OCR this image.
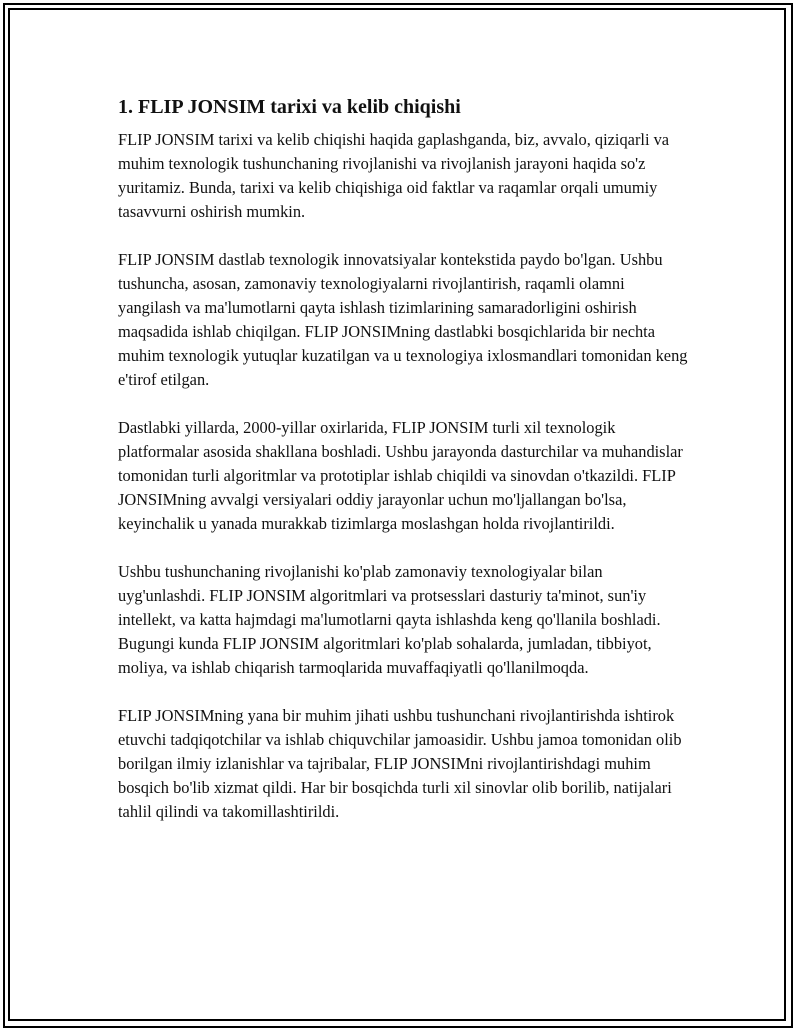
1. FLIP JONSIM tarixi va kelib chiqishi

FLIP JONSIM tarixi va kelib chiqishi haqida gaplashganda, biz, avvalo, qiziqarli va muhim texnologik tushunchaning rivojlanishi va rivojlanish jarayoni haqida so'z yuritamiz. Bunda, tarixi va kelib chiqishiga oid faktlar va raqamlar orqali umumiy tasavvurni oshirish mumkin.

FLIP JONSIM dastlab texnologik innovatsiyalar kontekstida paydo bo'lgan. Ushbu tushuncha, asosan, zamonaviy texnologiyalarni rivojlantirish, raqamli olamni yangilash va ma'lumotlarni qayta ishlash tizimlarining samaradorligini oshirish maqsadida ishlab chiqilgan. FLIP JONSIMning dastlabki bosqichlarida bir nechta muhim texnologik yutuqlar kuzatilgan va u texnologiya ixlosmandlari tomonidan keng e'tirof etilgan.

Dastlabki yillarda, 2000-yillar oxirlarida, FLIP JONSIM turli xil texnologik platformalar asosida shakllana boshladi. Ushbu jarayonda dasturchilar va muhandislar tomonidan turli algoritmlar va prototiplar ishlab chiqildi va sinovdan o'tkazildi. FLIP JONSIMning avvalgi versiyalari oddiy jarayonlar uchun mo'ljallangan bo'lsa, keyinchalik u yanada murakkab tizimlarga moslashgan holda rivojlantirildi.

Ushbu tushunchaning rivojlanishi ko'plab zamonaviy texnologiyalar bilan uyg'unlashdi. FLIP JONSIM algoritmlari va protsesslari dasturiy ta'minot, sun'iy intellekt, va katta hajmdagi ma'lumotlarni qayta ishlashda keng qo'llanila boshladi. Bugungi kunda FLIP JONSIM algoritmlari ko'plab sohalarda, jumladan, tibbiyot, moliya, va ishlab chiqarish tarmoqlarida muvaffaqiyatli qo'llanilmoqda.

FLIP JONSIMning yana bir muhim jihati ushbu tushunchani rivojlantirishda ishtirok etuvchi tadqiqotchilar va ishlab chiquvchilar jamoasidir. Ushbu jamoa tomonidan olib borilgan ilmiy izlanishlar va tajribalar, FLIP JONSIMni rivojlantirishdagi muhim bosqich bo'lib xizmat qildi. Har bir bosqichda turli xil sinovlar olib borilib, natijalari tahlil qilindi va takomillashtirildi.
